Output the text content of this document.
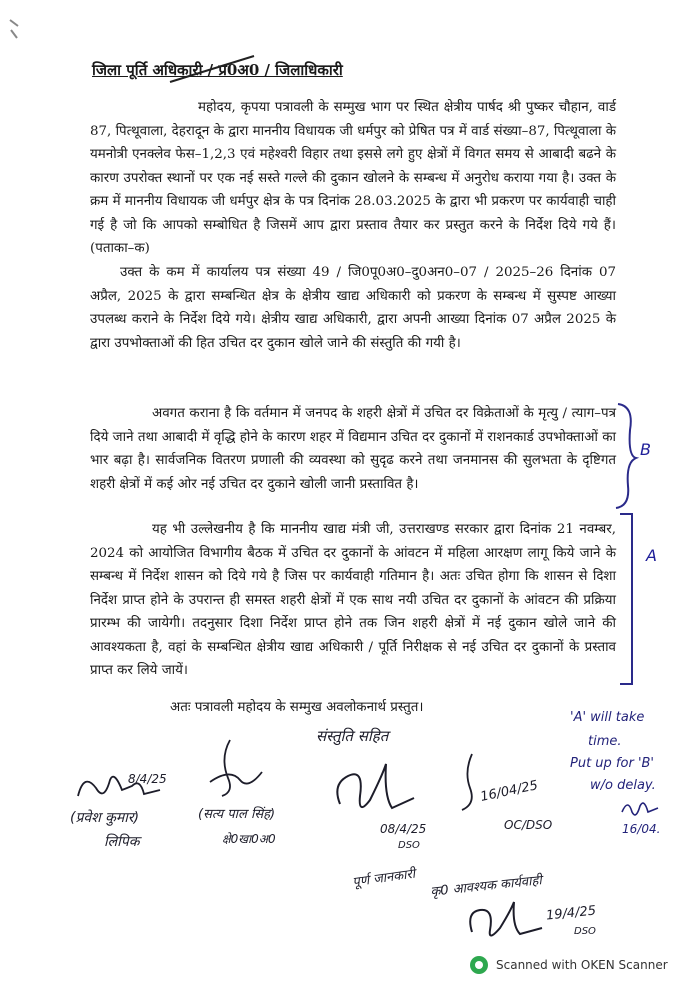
जिला पूर्ति अधिकारी / प्र0अ0 / जिलाधिकारी

महोदय, कृपया पत्रावली के सम्मुख भाग पर स्थित क्षेत्रीय पार्षद श्री पुष्कर चौहान, वार्ड 87, पित्थूवाला, देहरादून के द्वारा माननीय विधायक जी धर्मपुर को प्रेषित पत्र में वार्ड संख्या–87, पित्थूवाला के यमनोत्री एनक्लेव फेस–1,2,3 एवं महेश्वरी विहार तथा इससे लगे हुए क्षेत्रों में विगत समय से आबादी बढने के कारण उपरोक्त स्थानों पर एक नई सस्ते गल्ले की दुकान खोलने के सम्बन्ध में अनुरोध कराया गया है। उक्त के क्रम में माननीय विधायक जी धर्मपुर क्षेत्र के पत्र दिनांक 28.03.2025 के द्वारा भी प्रकरण पर कार्यवाही चाही गई है जो कि आपको सम्बोधित है जिसमें आप द्वारा प्रस्ताव तैयार कर प्रस्तुत करने के निर्देश दिये गये हैं। (पताका–क)

उक्त के कम में कार्यालय पत्र संख्या 49 / जि0पू0अ0–दु0अन0–07 / 2025–26 दिनांक 07 अप्रैल, 2025 के द्वारा सम्बन्धित क्षेत्र के क्षेत्रीय खाद्य अधिकारी को प्रकरण के सम्बन्ध में सुस्पष्ट आख्या उपलब्ध कराने के निर्देश दिये गये। क्षेत्रीय खाद्य अधिकारी, द्वारा अपनी आख्या दिनांक 07 अप्रैल 2025 के द्वारा उपभोक्ताओं की हित उचित दर दुकान खोले जाने की संस्तुति की गयी है।

अवगत कराना है कि वर्तमान में जनपद के शहरी क्षेत्रों में उचित दर विक्रेताओं के मृत्यु / त्याग–पत्र दिये जाने तथा आबादी में वृद्धि होने के कारण शहर में विद्यमान उचित दर दुकानों में राशनकार्ड उपभोक्ताओं का भार बढ़ा है। सार्वजनिक वितरण प्रणाली की व्यवस्था को सुदृढ करने तथा जनमानस की सुलभता के दृष्टिगत शहरी क्षेत्रों में कई ओर नई उचित दर दुकाने खोली जानी प्रस्तावित है।

यह भी उल्लेखनीय है कि माननीय खाद्य मंत्री जी, उत्तराखण्ड सरकार द्वारा दिनांक 21 नवम्बर, 2024 को आयोजित विभागीय बैठक में उचित दर दुकानों के आंवटन में महिला आरक्षण लागू किये जाने के सम्बन्ध में निर्देश शासन को दिये गये है जिस पर कार्यवाही गतिमान है। अतः उचित होगा कि शासन से दिशा निर्देश प्राप्त होने के उपरान्त ही समस्त शहरी क्षेत्रों में एक साथ नयी उचित दर दुकानों के आंवटन की प्रक्रिया प्रारम्भ की जायेगी। तदनुसार दिशा निर्देश प्राप्त होने तक जिन शहरी क्षेत्रों में नई दुकान खोले जाने की आवश्यकता है, वहां के सम्बन्धित क्षेत्रीय खाद्य अधिकारी / पूर्ति निरीक्षक से नई उचित दर दुकानों के प्रस्ताव प्राप्त कर लिये जायें।

अतः पत्रावली महोदय के सम्मुख अवलोकनार्थ प्रस्तुत।

B
A
'A' will take
time.
Put up for 'B'
w/o delay.
16/04.
8/4/25
(प्रवेश कुमार)
लिपिक
(सत्य पाल सिंह)
क्षे0खा0अ0
संस्तुति सहित
08/4/25
DSO
16/04/25
OC/DSO
पूर्ण जानकारी कृ0 आवश्यक कार्यवाही
19/4/25
DSO
Scanned with OKEN Scanner
